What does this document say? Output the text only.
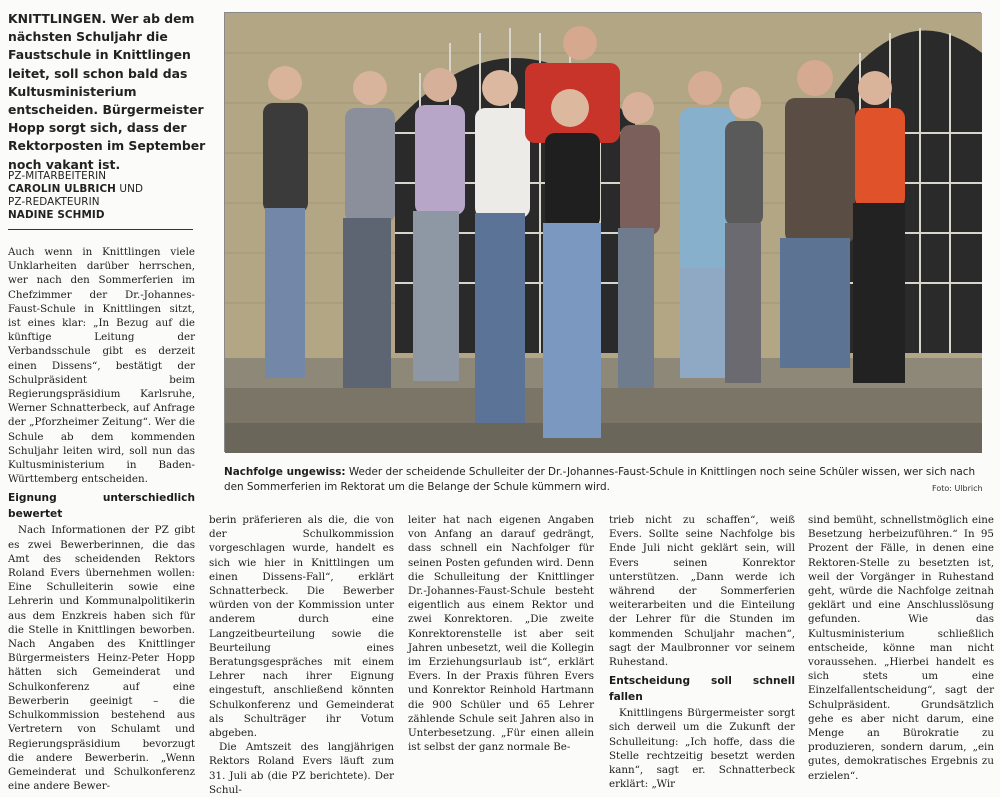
KNITTLINGEN. Wer ab dem nächsten Schuljahr die Faustschule in Knittlingen leitet, soll schon bald das Kultusministerium entscheiden. Bürgermeister Hopp sorgt sich, dass der Rektorposten im September noch vakant ist.
PZ-MITARBEITERIN
CAROLIN ULBRICH UND
PZ-REDAKTEURIN
NADINE SCHMID

Auch wenn in Knittlingen viele Unklarheiten darüber herrschen, wer nach den Sommerferien im Chefzimmer der Dr.-Johannes-Faust-Schule in Knittlingen sitzt, ist eines klar: „In Bezug auf die künftige Leitung der Verbandsschule gibt es derzeit einen Dissens“, bestätigt der Schulpräsident beim Regierungspräsidium Karlsruhe, Werner Schnatterbeck, auf Anfrage der „Pforzheimer Zeitung“. Wer die Schule ab dem kommenden Schuljahr leiten wird, soll nun das Kultusministerium in Baden-Württemberg entscheiden.

Eignung unterschiedlich bewertet

Nach Informationen der PZ gibt es zwei Bewerberinnen, die das Amt des scheidenden Rektors Roland Evers übernehmen wollen: Eine Schulleiterin sowie eine Lehrerin und Kommunalpolitikerin aus dem Enzkreis haben sich für die Stelle in Knittlingen beworben. Nach Angaben des Knittlinger Bürgermeisters Heinz-Peter Hopp hätten sich Gemeinderat und Schulkonferenz auf eine Bewerberin geeinigt – die Schulkommission bestehend aus Vertretern von Schulamt und Regierungspräsidium bevorzugt die andere Bewerberin. „Wenn Gemeinderat und Schulkonferenz eine andere Bewer-

Nachfolge ungewiss: Weder der scheidende Schulleiter der Dr.-Johannes-Faust-Schule in Knittlingen noch seine Schüler wissen, wer sich nach den Sommerferien im Rektorat um die Belange der Schule kümmern wird.	Foto: Ulbrich

berin präferieren als die, die von der Schulkommission vorgeschlagen wurde, handelt es sich wie hier in Knittlingen um einen Dissens-Fall“, erklärt Schnatterbeck. Die Bewerber würden von der Kommission unter anderem durch eine Langzeitbeurteilung sowie die Beurteilung eines Beratungsgespräches mit einem Lehrer nach ihrer Eignung eingestuft, anschließend könnten Schulkonferenz und Gemeinderat als Schulträger ihr Votum abgeben.

Die Amtszeit des langjährigen Rektors Roland Evers läuft zum 31. Juli ab (die PZ berichtete). Der Schul-

leiter hat nach eigenen Angaben von Anfang an darauf gedrängt, dass schnell ein Nachfolger für seinen Posten gefunden wird. Denn die Schulleitung der Knittlinger Dr.-Johannes-Faust-Schule besteht eigentlich aus einem Rektor und zwei Konrektoren. „Die zweite Konrektorenstelle ist aber seit Jahren unbesetzt, weil die Kollegin im Erziehungsurlaub ist“, erklärt Evers. In der Praxis führen Evers und Konrektor Reinhold Hartmann die 900 Schüler und 65 Lehrer zählende Schule seit Jahren also in Unterbesetzung. „Für einen allein ist selbst der ganz normale Be-

trieb nicht zu schaffen“, weiß Evers. Sollte seine Nachfolge bis Ende Juli nicht geklärt sein, will Evers seinen Konrektor unterstützen. „Dann werde ich während der Sommerferien weiterarbeiten und die Einteilung der Lehrer für die Stunden im kommenden Schuljahr machen“, sagt der Maulbronner vor seinem Ruhestand.

Entscheidung soll schnell fallen

Knittlingens Bürgermeister sorgt sich derweil um die Zukunft der Schulleitung: „Ich hoffe, dass die Stelle rechtzeitig besetzt werden kann“, sagt er. Schnatterbeck erklärt: „Wir

sind bemüht, schnellstmöglich eine Besetzung herbeizuführen.“ In 95 Prozent der Fälle, in denen eine Rektoren-Stelle zu besetzten ist, weil der Vorgänger in Ruhestand geht, würde die Nachfolge zeitnah geklärt und eine Anschlusslösung gefunden. Wie das Kultusministerium schließlich entscheide, könne man nicht voraussehen. „Hierbei handelt es sich stets um eine Einzelfallentscheidung“, sagt der Schulpräsident. Grundsätzlich gehe es aber nicht darum, eine Menge an Bürokratie zu produzieren, sondern darum, „ein gutes, demokratisches Ergebnis zu erzielen“.
